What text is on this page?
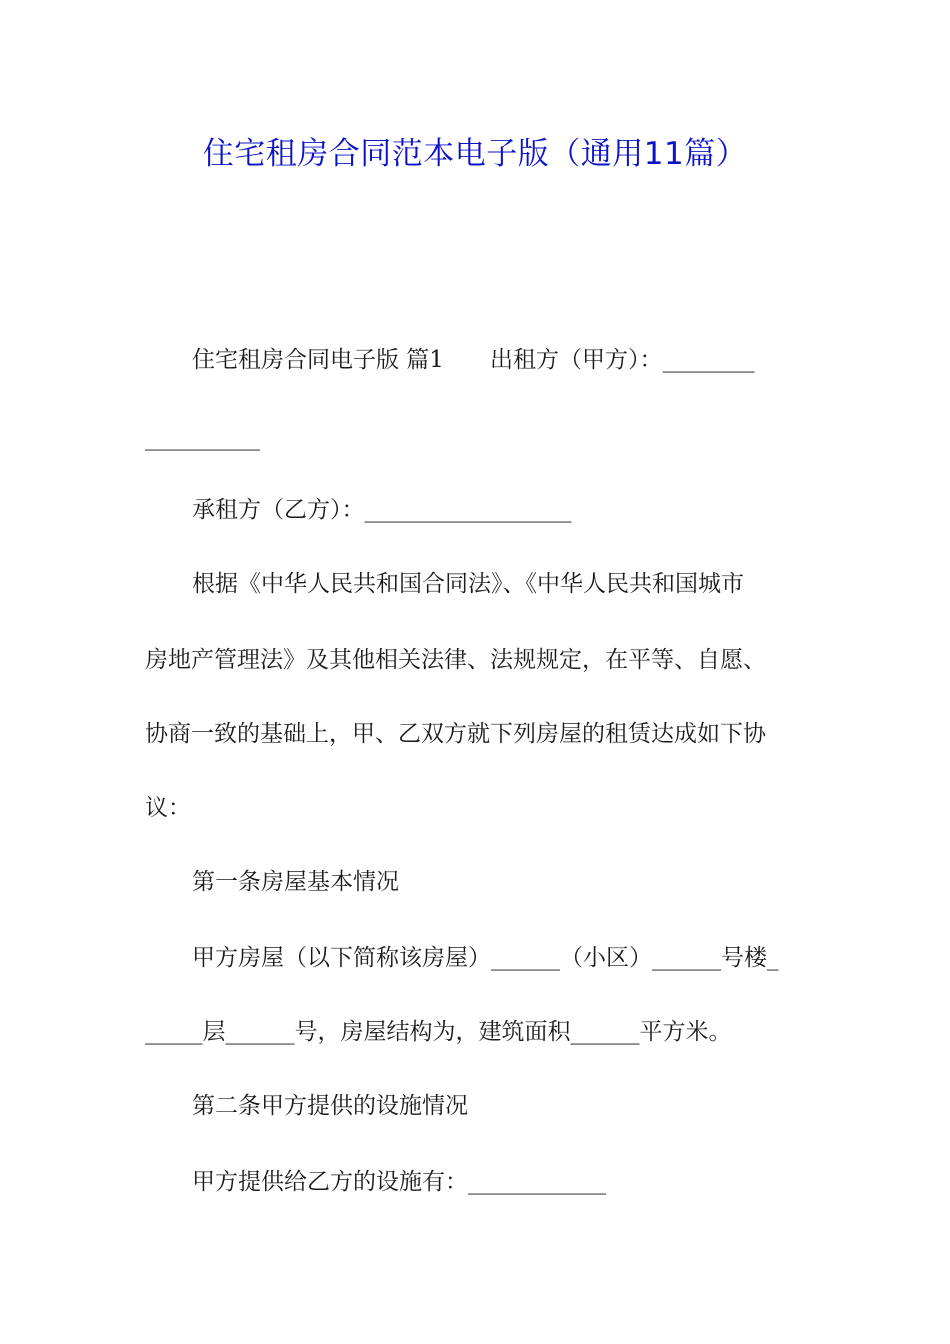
住宅租房合同范本电子版（通用11篇）
住宅租房合同电子版 篇1 出租方（甲方）：________
__________
承租方（乙方）：__________________
根据《中华人民共和国合同法》、《中华人民共和国城市
房地产管理法》及其他相关法律、法规规定，在平等、自愿、
协商一致的基础上，甲、乙双方就下列房屋的租赁达成如下协
议：
第一条房屋基本情况
甲方房屋（以下简称该房屋）______（小区）______号楼_
_____层______号，房屋结构为，建筑面积______平方米。
第二条甲方提供的设施情况
甲方提供给乙方的设施有：____________
